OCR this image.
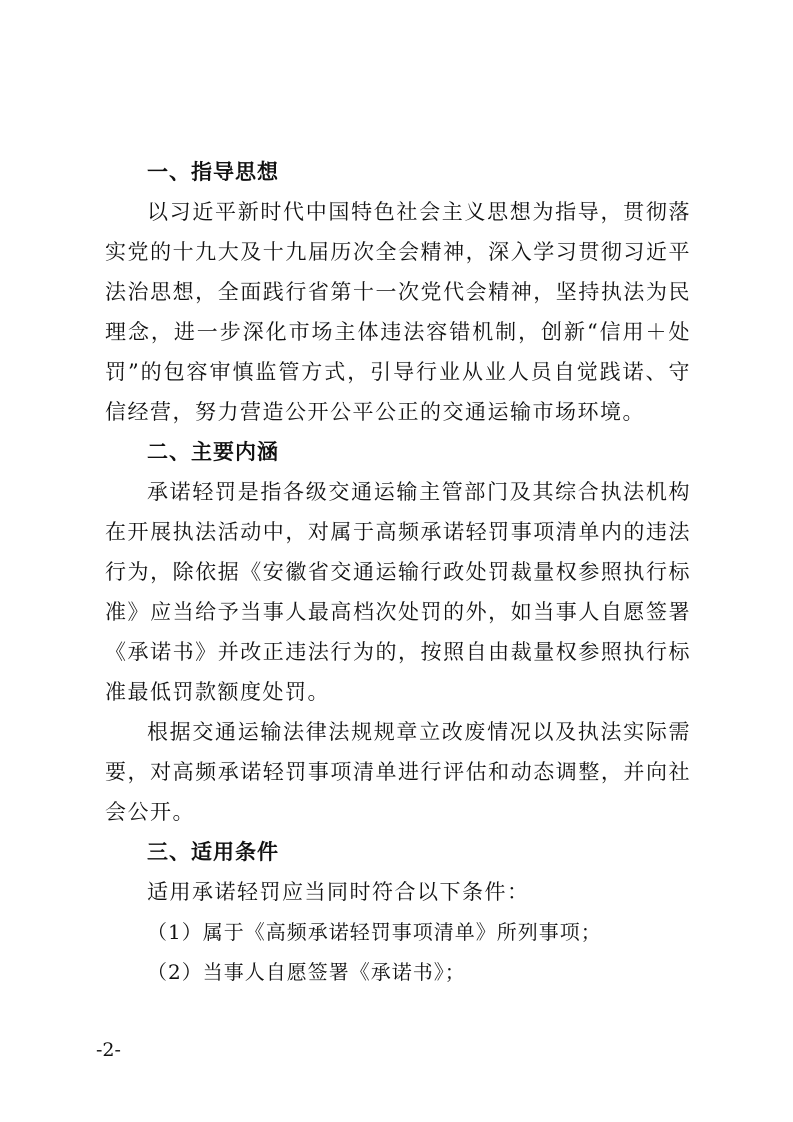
一、指导思想

以习近平新时代中国特色社会主义思想为指导，贯彻落实党的十九大及十九届历次全会精神，深入学习贯彻习近平法治思想，全面践行省第十一次党代会精神，坚持执法为民理念，进一步深化市场主体违法容错机制，创新“信用＋处罚”的包容审慎监管方式，引导行业从业人员自觉践诺、守信经营，努力营造公开公平公正的交通运输市场环境。

二、主要内涵

承诺轻罚是指各级交通运输主管部门及其综合执法机构在开展执法活动中，对属于高频承诺轻罚事项清单内的违法行为，除依据《安徽省交通运输行政处罚裁量权参照执行标准》应当给予当事人最高档次处罚的外，如当事人自愿签署《承诺书》并改正违法行为的，按照自由裁量权参照执行标准最低罚款额度处罚。

根据交通运输法律法规规章立改废情况以及执法实际需要，对高频承诺轻罚事项清单进行评估和动态调整，并向社会公开。

三、适用条件

适用承诺轻罚应当同时符合以下条件：

（1）属于《高频承诺轻罚事项清单》所列事项；

（2）当事人自愿签署《承诺书》；

-2-
